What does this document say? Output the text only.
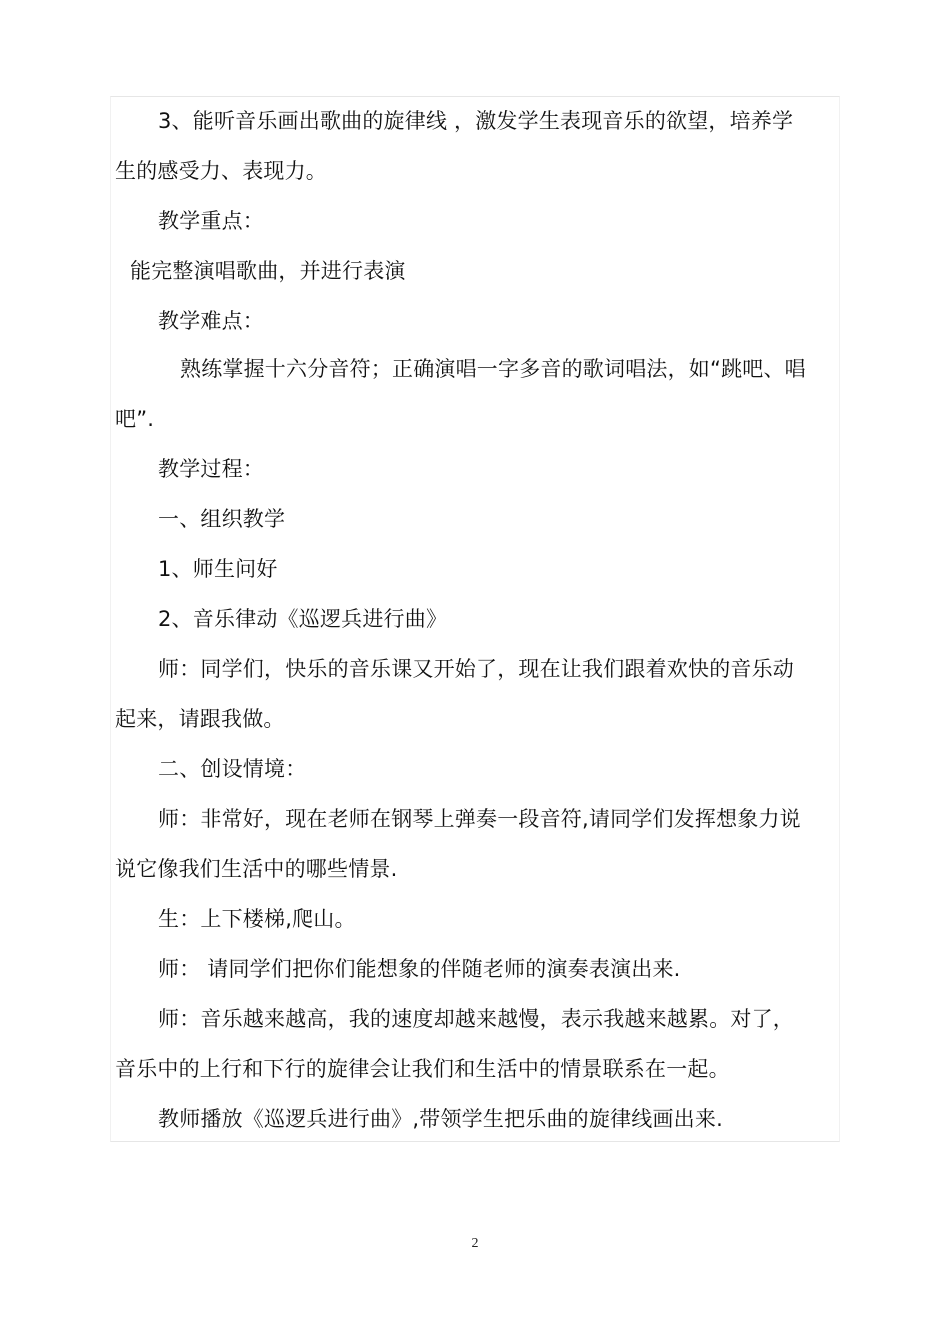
3、能听音乐画出歌曲的旋律线 ，激发学生表现音乐的欲望，培养学
生的感受力、表现力。
教学重点：
能完整演唱歌曲，并进行表演
教学难点：
熟练掌握十六分音符；正确演唱一字多音的歌词唱法，如“跳吧、唱
吧”.
教学过程：
一、组织教学
1、师生问好
2、音乐律动《巡逻兵进行曲》
师：同学们，快乐的音乐课又开始了，现在让我们跟着欢快的音乐动
起来，请跟我做。
二、创设情境：
师：非常好，现在老师在钢琴上弹奏一段音符,请同学们发挥想象力说
说它像我们生活中的哪些情景.
生：上下楼梯,爬山。
师： 请同学们把你们能想象的伴随老师的演奏表演出来.
师：音乐越来越高，我的速度却越来越慢，表示我越来越累。对了，
音乐中的上行和下行的旋律会让我们和生活中的情景联系在一起。
教师播放《巡逻兵进行曲》,带领学生把乐曲的旋律线画出来.
2
